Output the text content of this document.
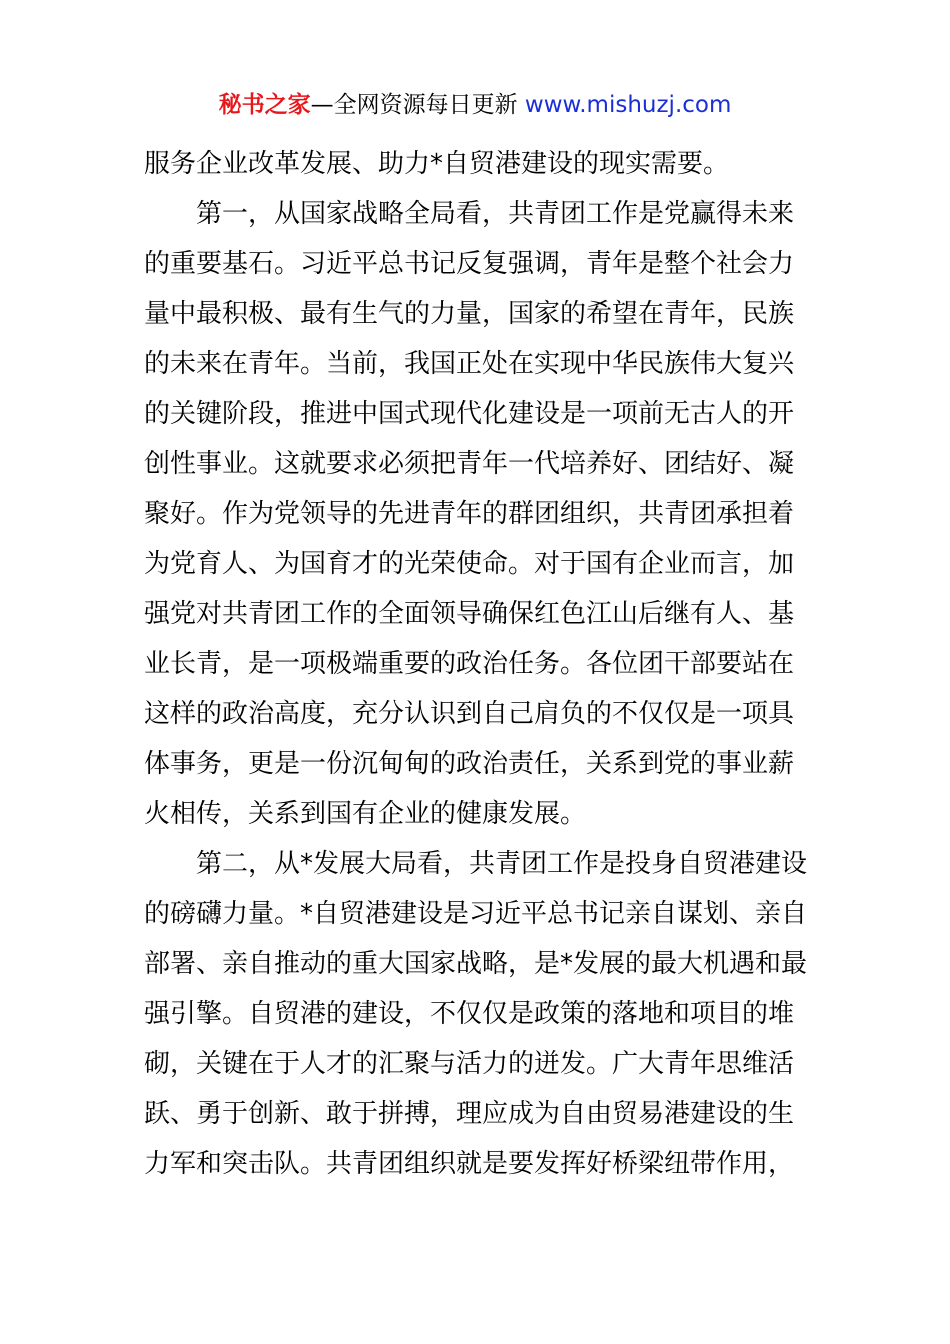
秘书之家—全网资源每日更新 www.mishuzj.com
服务企业改革发展、助力*自贸港建设的现实需要。
第一，从国家战略全局看，共青团工作是党赢得未来
的重要基石。习近平总书记反复强调，青年是整个社会力
量中最积极、最有生气的力量，国家的希望在青年，民族
的未来在青年。当前，我国正处在实现中华民族伟大复兴
的关键阶段，推进中国式现代化建设是一项前无古人的开
创性事业。这就要求必须把青年一代培养好、团结好、凝
聚好。作为党领导的先进青年的群团组织，共青团承担着
为党育人、为国育才的光荣使命。对于国有企业而言，加
强党对共青团工作的全面领导确保红色江山后继有人、基
业长青，是一项极端重要的政治任务。各位团干部要站在
这样的政治高度，充分认识到自己肩负的不仅仅是一项具
体事务，更是一份沉甸甸的政治责任，关系到党的事业薪
火相传，关系到国有企业的健康发展。
第二，从*发展大局看，共青团工作是投身自贸港建设
的磅礴力量。*自贸港建设是习近平总书记亲自谋划、亲自
部署、亲自推动的重大国家战略，是*发展的最大机遇和最
强引擎。自贸港的建设，不仅仅是政策的落地和项目的堆
砌，关键在于人才的汇聚与活力的迸发。广大青年思维活
跃、勇于创新、敢于拼搏，理应成为自由贸易港建设的生
力军和突击队。共青团组织就是要发挥好桥梁纽带作用，
